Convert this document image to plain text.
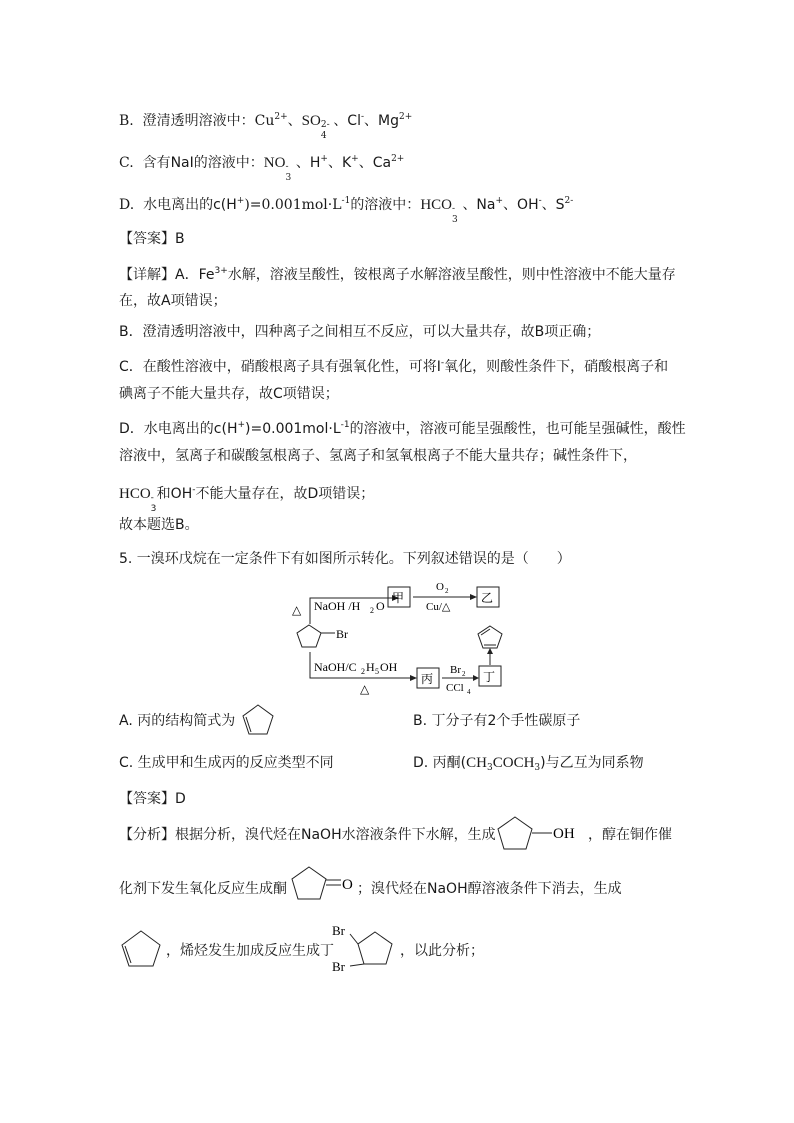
B. 澄清透明溶液中：$Cu^{2+}$、SO 2-
4
、Cl-、$Mg^{2+}$
C. 含有NaI的溶液中：NO -
3
、H+、K+、$Ca^{2+}$
D. 水电离出的$c(H^+)=0.001mol\cdot L^{-1}$的溶液中：HCO -
3
、Na+、OH-、$S^{2-}$
【答案】B
【详解】A．$Fe^{3+}$水解，溶液呈酸性，铵根离子水解溶液呈酸性，则中性溶液中不能大量存
在，故A项错误；
B．澄清透明溶液中，四种离子之间相互不反应，可以大量共存，故B项正确；
C．在酸性溶液中，硝酸根离子具有强氧化性，可将I-氧化，则酸性条件下，硝酸根离子和
碘离子不能大量共存，故C项错误；
D．水电离出的$c(H^+)=0.001mol\cdot L^{-1}$的溶液中，溶液可能呈强酸性，也可能呈强碱性，酸性
溶液中，氢离子和碳酸氢根离子、氢离子和氢氧根离子不能大量共存；碱性条件下，
HCO -
3
和OH-不能大量存在，故D项错误；
故本题选B。
5. 一溴环戊烷在一定条件下有如图所示转化。下列叙述错误的是（　　）
NaOH /H 2 O
△
甲
O 2
Cu/△
乙
Br
NaOH/C 2 H 5 OH
△
丙
Br 2
CCl 4
丁
A. 丙的结构简式为	B. 丁分子有2个手性碳原子
C. 生成甲和生成丙的反应类型不同	D. 丙酮$(CH_3COCH_3)$与乙互为同系物
【答案】D
【分析】根据分析，溴代烃在NaOH水溶液条件下水解，生成	OH ，醇在铜作催
化剂下发生氧化反应生成酮	O ；溴代烃在NaOH醇溶液条件下消去，生成
，烯烃发生加成反应生成丁
Br
Br
，以此分析；
